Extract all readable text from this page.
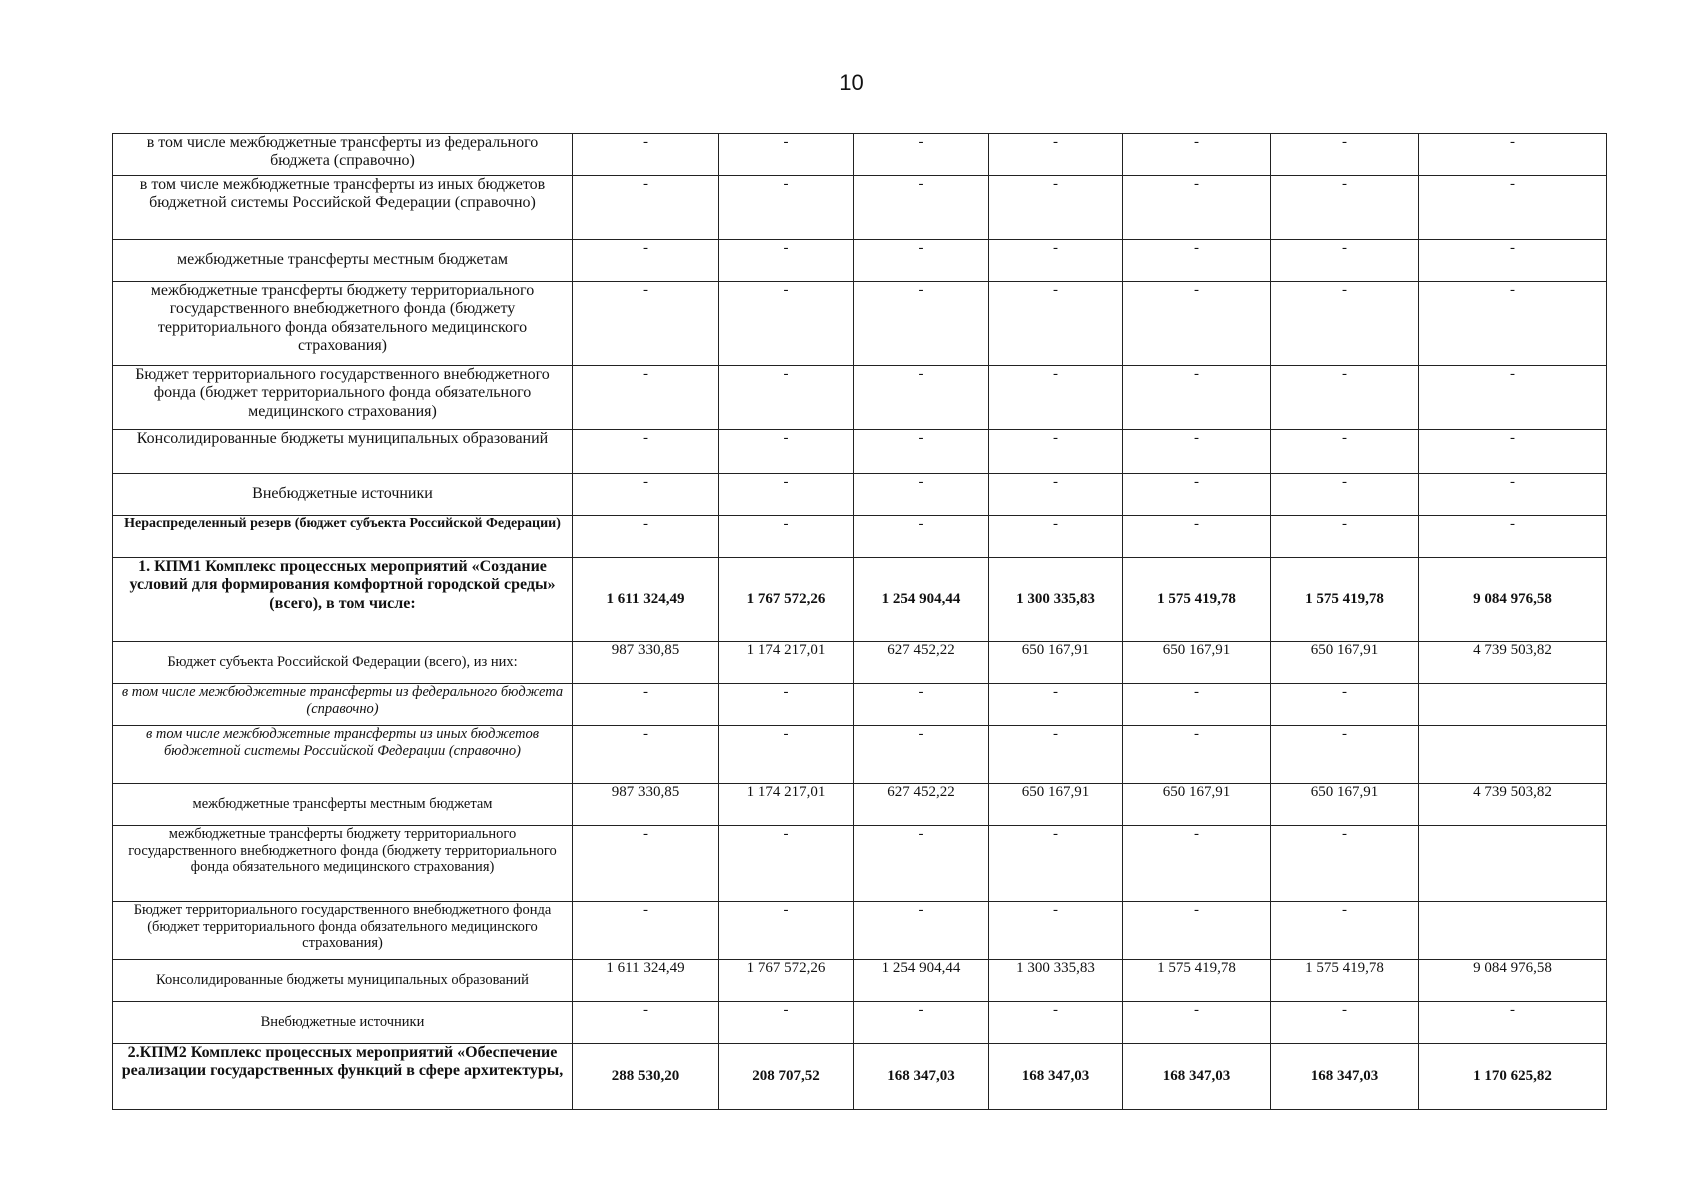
10
в том числе межбюджетные трансферты из федерального бюджета (справочно)	-	-	-	-	-	-	-
в том числе межбюджетные трансферты из иных бюджетов бюджетной системы Российской Федерации (справочно)	-	-	-	-	-	-	-
межбюджетные трансферты местным бюджетам	-	-	-	-	-	-	-
межбюджетные трансферты бюджету территориального государственного внебюджетного фонда (бюджету территориального фонда обязательного медицинского страхования)	-	-	-	-	-	-	-
Бюджет территориального государственного внебюджетного фонда (бюджет территориального фонда обязательного медицинского страхования)	-	-	-	-	-	-	-
Консолидированные бюджеты муниципальных образований	-	-	-	-	-	-	-
Внебюджетные источники	-	-	-	-	-	-	-
Нераспределенный резерв (бюджет субъекта Российской Федерации)	-	-	-	-	-	-	-
1. КПМ1 Комплекс процессных мероприятий «Создание условий для формирования комфортной городской среды» (всего), в том числе:	1 611 324,49	1 767 572,26	1 254 904,44	1 300 335,83	1 575 419,78	1 575 419,78	9 084 976,58
Бюджет субъекта Российской Федерации (всего), из них:	987 330,85	1 174 217,01	627 452,22	650 167,91	650 167,91	650 167,91	4 739 503,82
в том числе межбюджетные трансферты из федерального бюджета (справочно)	-	-	-	-	-	-	
в том числе межбюджетные трансферты из иных бюджетов бюджетной системы Российской Федерации (справочно)	-	-	-	-	-	-	
межбюджетные трансферты местным бюджетам	987 330,85	1 174 217,01	627 452,22	650 167,91	650 167,91	650 167,91	4 739 503,82
межбюджетные трансферты бюджету территориального государственного внебюджетного фонда (бюджету территориального фонда обязательного медицинского страхования)	-	-	-	-	-	-	
Бюджет территориального государственного внебюджетного фонда (бюджет территориального фонда обязательного медицинского страхования)	-	-	-	-	-	-	
Консолидированные бюджеты муниципальных образований	1 611 324,49	1 767 572,26	1 254 904,44	1 300 335,83	1 575 419,78	1 575 419,78	9 084 976,58
Внебюджетные источники	-	-	-	-	-	-	-
2.КПМ2 Комплекс процессных мероприятий «Обеспечение реализации государственных функций в сфере архитектуры,	288 530,20	208 707,52	168 347,03	168 347,03	168 347,03	168 347,03	1 170 625,82
